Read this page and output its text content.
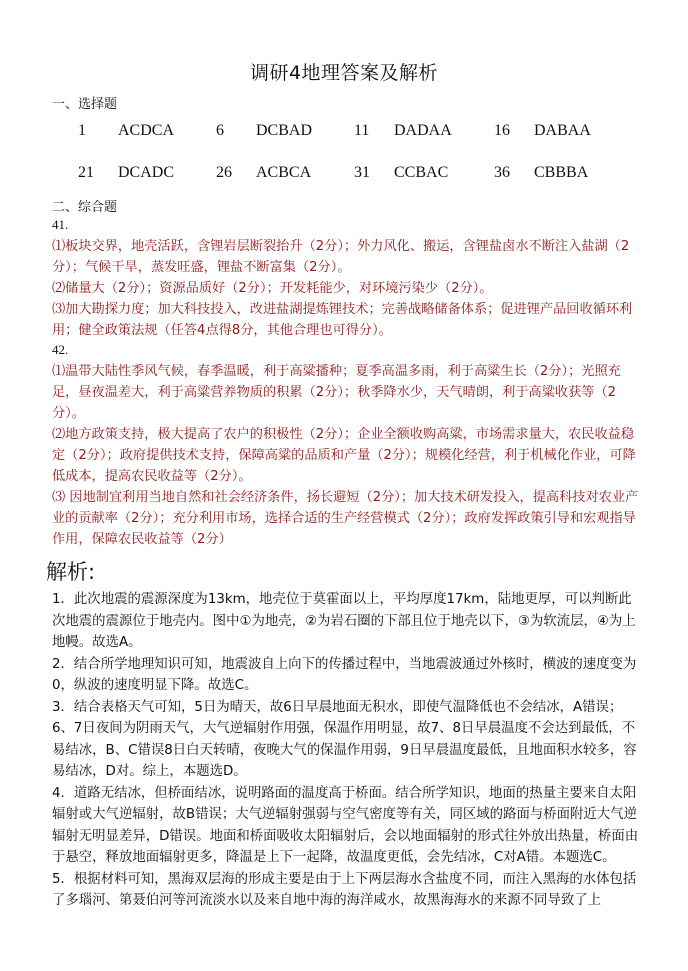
调研4地理答案及解析
一、选择题
1 ACDCA	6 DCBAD	11 DADAA	16 DABAA
21 DCADC	26 ACBCA	31 CCBAC	36 CBBBA
二、综合题
41.

⑴板块交界，地壳活跃，含锂岩层断裂抬升（2分）；外力风化、搬运，含锂盐卤水不断注入盐湖（2分）；气候干旱，蒸发旺盛，锂盐不断富集（2分）。

⑵储量大（2分）；资源品质好（2分）；开发耗能少，对环境污染少（2分）。

⑶加大勘探力度；加大科技投入，改进盐湖提炼锂技术；完善战略储备体系；促进锂产品回收循环利用；健全政策法规（任答4点得8分，其他合理也可得分）。

42.

⑴温带大陆性季风气候，春季温暖，利于高粱播种；夏季高温多雨，利于高粱生长（2分）；光照充足，昼夜温差大，利于高粱营养物质的积累（2分）；秋季降水少，天气晴朗，利于高粱收获等（2分）。

⑵地方政策支持，极大提高了农户的积极性（2分）；企业全额收购高粱，市场需求量大，农民收益稳定（2分）；政府提供技术支持，保障高粱的品质和产量（2分）；规模化经营，利于机械化作业，可降低成本，提高农民收益等（2分）。

⑶ 因地制宜利用当地自然和社会经济条件，扬长避短（2分）；加大技术研发投入，提高科技对农业产业的贡献率（2分）；充分利用市场，选择合适的生产经营模式（2分）；政府发挥政策引导和宏观指导作用，保障农民收益等（2分）

解析:

1．此次地震的震源深度为13km，地壳位于莫霍面以上，平均厚度17km，陆地更厚，可以判断此次地震的震源位于地壳内。图中①为地壳，②为岩石圈的下部且位于地壳以下，③为软流层，④为上地幔。故选A。

2．结合所学地理知识可知，地震波自上向下的传播过程中，当地震波通过外核时，横波的速度变为0，纵波的速度明显下降。故选C。

3．结合表格天气可知，5日为晴天，故6日早晨地面无积水，即使气温降低也不会结冰，A错误；6、7日夜间为阴雨天气，大气逆辐射作用强，保温作用明显，故7、8日早晨温度不会达到最低，不易结冰，B、C错误8日白天转晴，夜晚大气的保温作用弱，9日早晨温度最低，且地面积水较多，容易结冰，D对。综上，本题选D。

4．道路无结冰，但桥面结冰，说明路面的温度高于桥面。结合所学知识，地面的热量主要来自太阳辐射或大气逆辐射，故B错误；大气逆辐射强弱与空气密度等有关，同区域的路面与桥面附近大气逆辐射无明显差异，D错误。地面和桥面吸收太阳辐射后，会以地面辐射的形式往外放出热量，桥面由于悬空，释放地面辐射更多，降温是上下一起降，故温度更低，会先结冰，C对A错。本题选C。

5．根据材料可知，黑海双层海的形成主要是由于上下两层海水含盐度不同，而注入黑海的水体包括了多瑙河、第聂伯河等河流淡水以及来自地中海的海洋咸水，故黑海海水的来源不同导致了上
